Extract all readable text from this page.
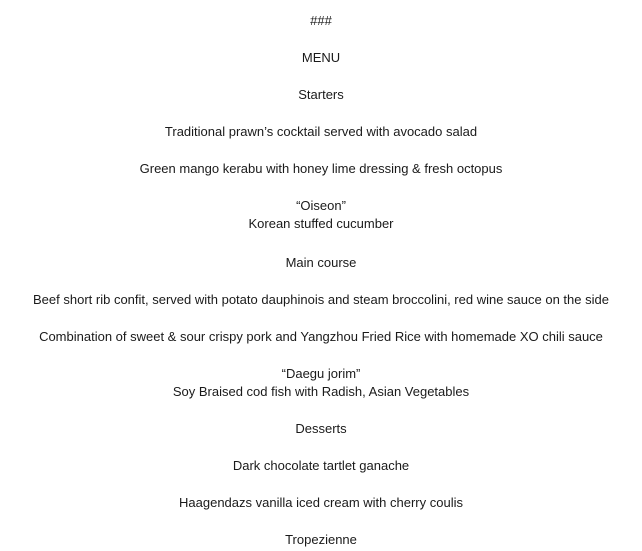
###
MENU
Starters
Traditional prawn’s cocktail served with avocado salad
Green mango kerabu with honey lime dressing & fresh octopus
“Oiseon”
Korean stuffed cucumber
Main course
Beef short rib confit, served with potato dauphinois and steam broccolini, red wine sauce on the side
Combination of sweet & sour crispy pork and Yangzhou Fried Rice with homemade XO chili sauce
“Daegu jorim”
Soy Braised cod fish with Radish, Asian Vegetables
Desserts
Dark chocolate tartlet ganache
Haagendazs vanilla iced cream with cherry coulis
Tropezienne
